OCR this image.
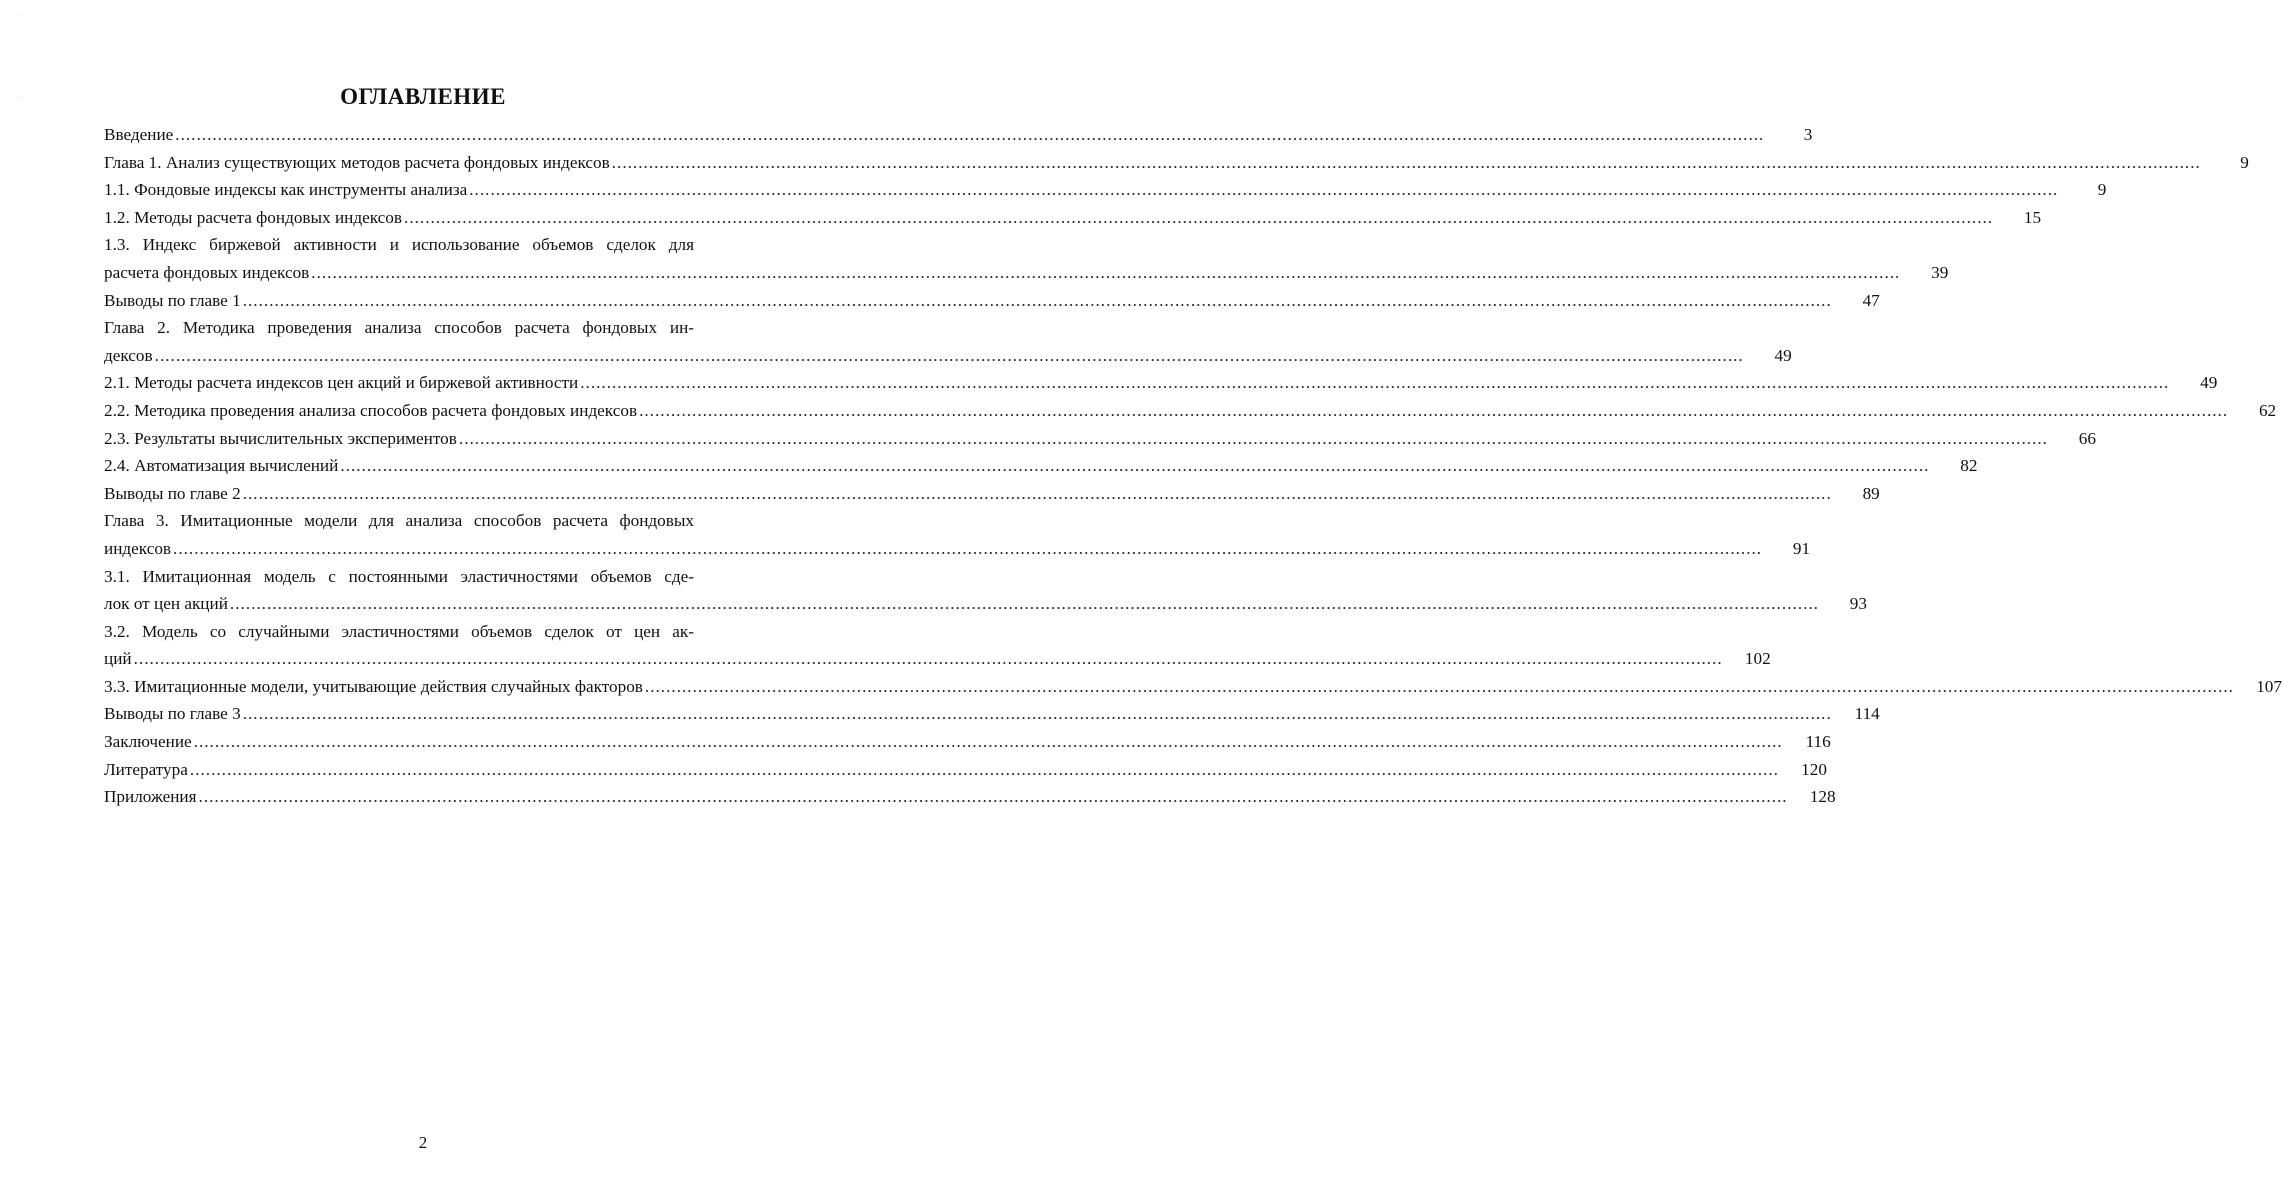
·
·	ОГЛАВЛЕНИЕ
Введение ............................................................................................................................................................................................................................................................................................................	3
Глава 1. Анализ существующих методов расчета фондовых индексов ............................................................................................................................................................................................................................................................................................................	9
1.1. Фондовые индексы как инструменты анализа ............................................................................................................................................................................................................................................................................................................	9
1.2. Методы расчета фондовых индексов ............................................................................................................................................................................................................................................................................................................	15
1.3. Индекс биржевой активности и использование объемов сделок для
расчета фондовых индексов ............................................................................................................................................................................................................................................................................................................	39
Выводы по главе 1 ............................................................................................................................................................................................................................................................................................................	47
Глава 2. Методика проведения анализа способов расчета фондовых ин-
дексов ............................................................................................................................................................................................................................................................................................................	49
2.1. Методы расчета индексов цен акций и биржевой активности ............................................................................................................................................................................................................................................................................................................	49
2.2. Методика проведения анализа способов расчета фондовых индексов ............................................................................................................................................................................................................................................................................................................	62
2.3. Результаты вычислительных экспериментов ............................................................................................................................................................................................................................................................................................................	66
2.4. Автоматизация вычислений ............................................................................................................................................................................................................................................................................................................	82
Выводы по главе 2 ............................................................................................................................................................................................................................................................................................................	89
Глава 3. Имитационные модели для анализа способов расчета фондовых
индексов ............................................................................................................................................................................................................................................................................................................	91
3.1. Имитационная модель с постоянными эластичностями объемов сде-
лок от цен акций ............................................................................................................................................................................................................................................................................................................	93
3.2. Модель со случайными эластичностями объемов сделок от цен ак-
ций ............................................................................................................................................................................................................................................................................................................	102
3.3. Имитационные модели, учитывающие действия случайных факторов ............................................................................................................................................................................................................................................................................................................	107
Выводы по главе 3 ............................................................................................................................................................................................................................................................................................................	114
Заключение ............................................................................................................................................................................................................................................................................................................	116
Литература ............................................................................................................................................................................................................................................................................................................	120
Приложения ............................................................................................................................................................................................................................................................................................................	128
2
